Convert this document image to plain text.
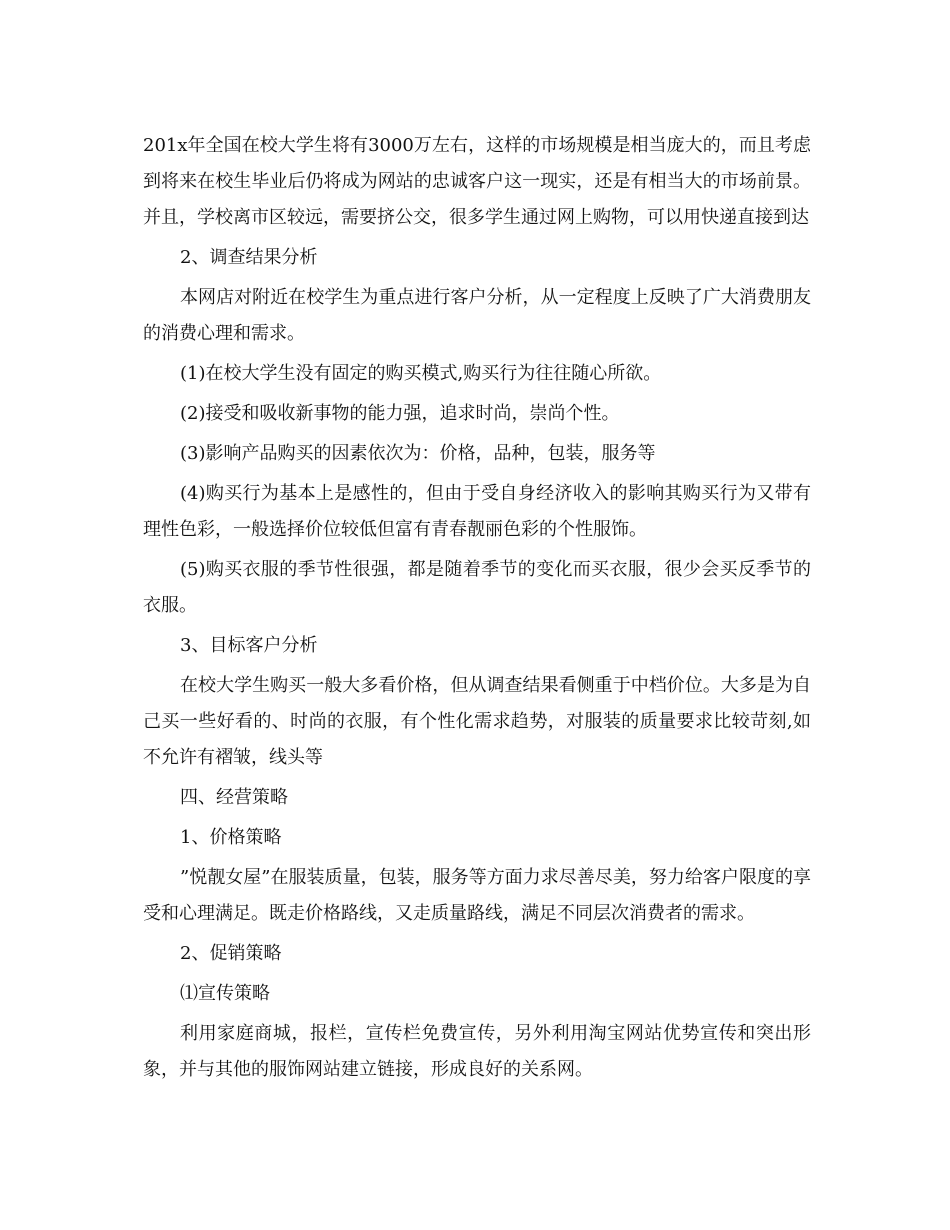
201x年全国在校大学生将有3000万左右，这样的市场规模是相当庞大的，而且考虑到将来在校生毕业后仍将成为网站的忠诚客户这一现实，还是有相当大的市场前景。并且，学校离市区较远，需要挤公交，很多学生通过网上购物，可以用快递直接到达

2、调查结果分析

本网店对附近在校学生为重点进行客户分析，从一定程度上反映了广大消费朋友的消费心理和需求。

(1)在校大学生没有固定的购买模式,购买行为往往随心所欲。

(2)接受和吸收新事物的能力强，追求时尚，崇尚个性。

(3)影响产品购买的因素依次为：价格，品种，包装，服务等

(4)购买行为基本上是感性的，但由于受自身经济收入的影响其购买行为又带有理性色彩，一般选择价位较低但富有青春靓丽色彩的个性服饰。

(5)购买衣服的季节性很强，都是随着季节的变化而买衣服，很少会买反季节的衣服。

3、目标客户分析

在校大学生购买一般大多看价格，但从调查结果看侧重于中档价位。大多是为自己买一些好看的、时尚的衣服，有个性化需求趋势，对服装的质量要求比较苛刻,如不允许有褶皱，线头等

四、经营策略

1、价格策略

”悦靓女屋”在服装质量，包装，服务等方面力求尽善尽美，努力给客户限度的享受和心理满足。既走价格路线，又走质量路线，满足不同层次消费者的需求。

2、促销策略

⑴宣传策略

利用家庭商城，报栏，宣传栏免费宣传，另外利用淘宝网站优势宣传和突出形象，并与其他的服饰网站建立链接，形成良好的关系网。
